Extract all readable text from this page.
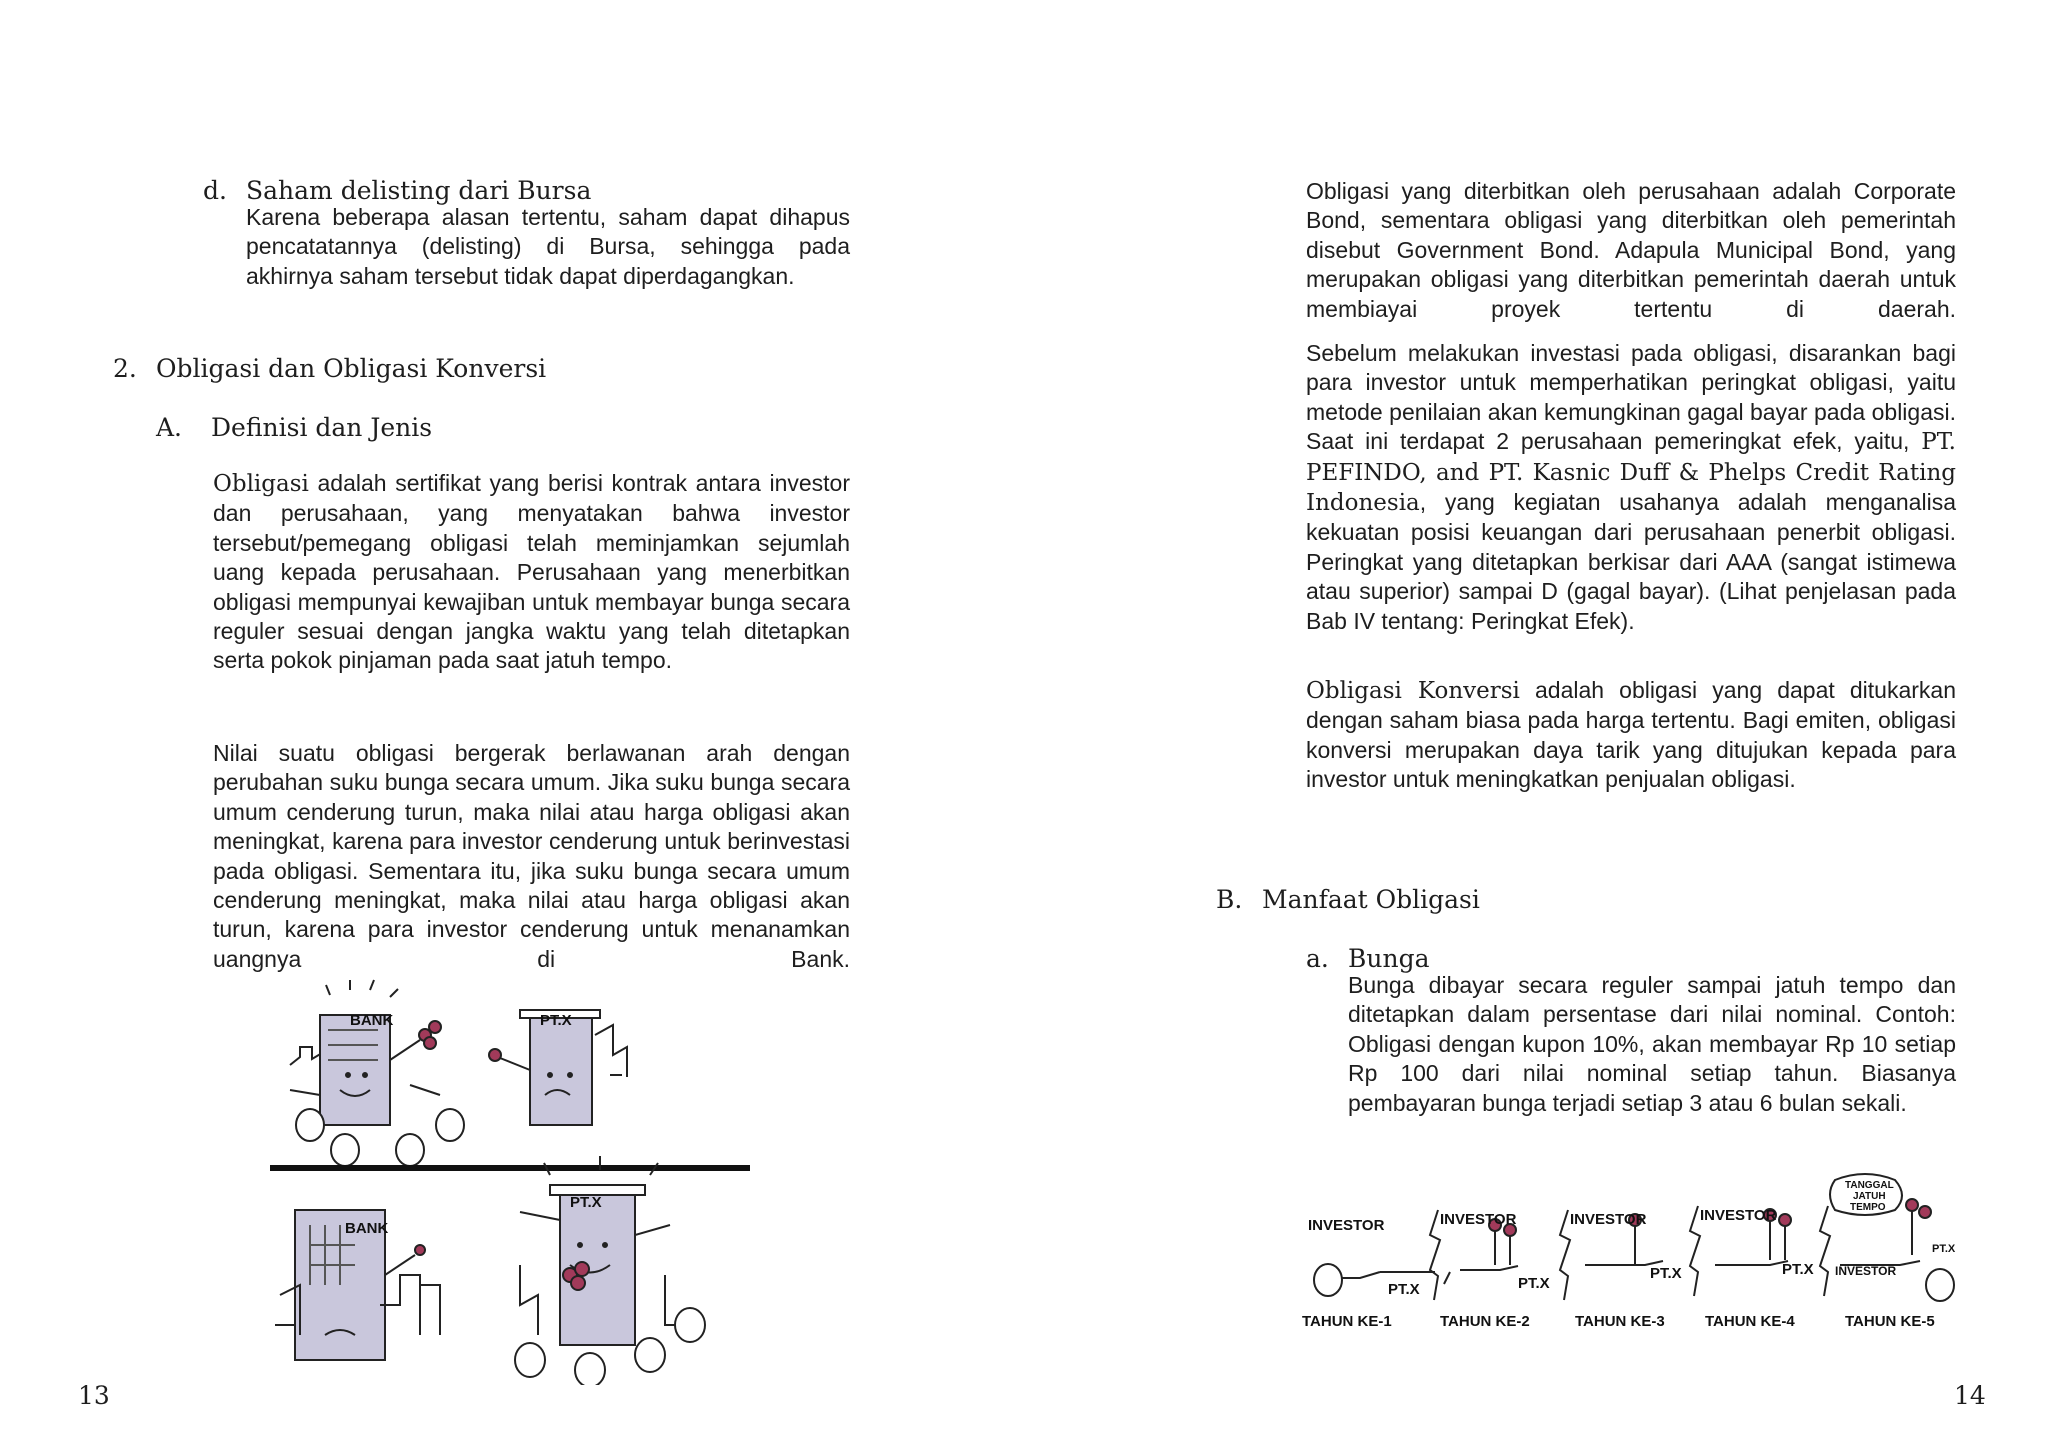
d. Saham delisting dari Bursa

Karena beberapa alasan tertentu, saham dapat dihapus pencatatannya (delisting) di Bursa, sehingga pada akhirnya saham tersebut tidak dapat diperdagangkan.

2. Obligasi dan Obligasi Konversi
A. Definisi dan Jenis

Obligasi adalah sertifikat yang berisi kontrak antara investor dan perusahaan, yang menyatakan bahwa investor tersebut/pemegang obligasi telah meminjamkan sejumlah uang kepada perusahaan. Perusahaan yang menerbitkan obligasi mempunyai kewajiban untuk membayar bunga secara reguler sesuai dengan jangka waktu yang telah ditetapkan serta pokok pinjaman pada saat jatuh tempo.

Nilai suatu obligasi bergerak berlawanan arah dengan perubahan suku bunga secara umum. Jika suku bunga secara umum cenderung turun, maka nilai atau harga obligasi akan meningkat, karena para investor cenderung untuk berinvestasi pada obligasi. Sementara itu, jika suku bunga secara umum cenderung meningkat, maka nilai atau harga obligasi akan turun, karena para investor cenderung untuk menanamkan uangnya di Bank.

BANK	PT.X
BANK
PT.X
13

Obligasi yang diterbitkan oleh perusahaan adalah Corporate Bond, sementara obligasi yang diterbitkan oleh pemerintah disebut Government Bond. Adapula Municipal Bond, yang merupakan obligasi yang diterbitkan pemerintah daerah untuk membiayai proyek tertentu di daerah.

Sebelum melakukan investasi pada obligasi, disarankan bagi para investor untuk memperhatikan peringkat obligasi, yaitu metode penilaian akan kemungkinan gagal bayar pada obligasi. Saat ini terdapat 2 perusahaan pemeringkat efek, yaitu, PT. PEFINDO, and PT. Kasnic Duff & Phelps Credit Rating Indonesia, yang kegiatan usahanya adalah menganalisa kekuatan posisi keuangan dari perusahaan penerbit obligasi. Peringkat yang ditetapkan berkisar dari AAA (sangat istimewa atau superior) sampai D (gagal bayar). (Lihat penjelasan pada Bab IV tentang: Peringkat Efek).

Obligasi Konversi adalah obligasi yang dapat ditukarkan dengan saham biasa pada harga tertentu. Bagi emiten, obligasi konversi merupakan daya tarik yang ditujukan kepada para investor untuk meningkatkan penjualan obligasi.

B. Manfaat Obligasi
a. Bunga

Bunga dibayar secara reguler sampai jatuh tempo dan ditetapkan dalam persentase dari nilai nominal. Contoh: Obligasi dengan kupon 10%, akan membayar Rp 10 setiap Rp 100 dari nilai nominal setiap tahun. Biasanya pembayaran bunga terjadi setiap 3 atau 6 bulan sekali.

INVESTOR	INVESTOR	INVESTOR	INVESTOR
INVESTOR
PT.X	PT.X
PT.X	PT.X
PT.X
TANGGAL
JATUH
TEMPO
TAHUN KE-1	TAHUN KE-2	TAHUN KE-3	TAHUN KE-4	TAHUN KE-5
14
